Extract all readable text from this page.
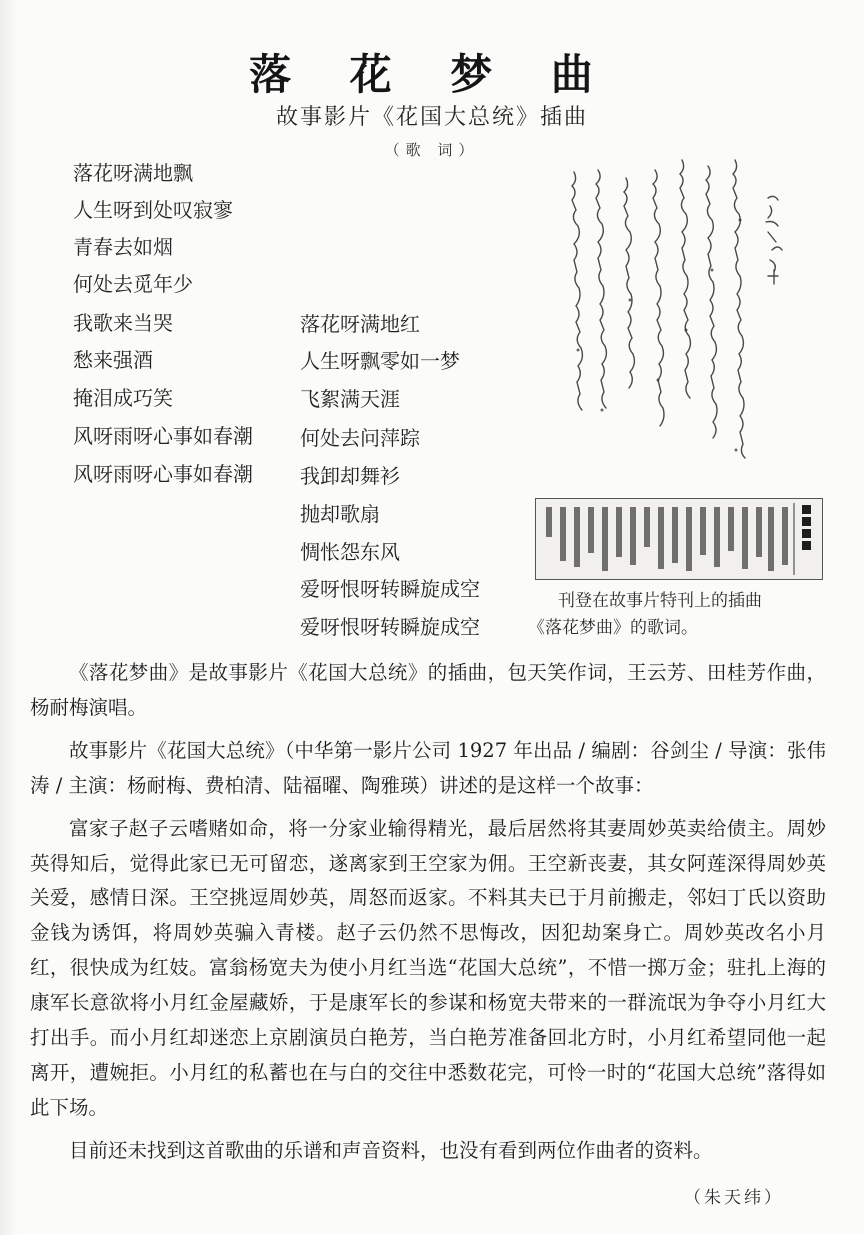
落 花 梦 曲
故事影片《花国大总统》插曲
（歌 词）
落花呀满地飘
人生呀到处叹寂寥
青春去如烟
何处去觅年少
我歌来当哭
愁来强酒
掩泪成巧笑
风呀雨呀心事如春潮
风呀雨呀心事如春潮
落花呀满地红
人生呀飘零如一梦
飞絮满天涯
何处去问萍踪
我卸却舞衫
抛却歌扇
惆怅怨东风
爱呀恨呀转瞬旋成空
爱呀恨呀转瞬旋成空
刊登在故事片特刊上的插曲
《落花梦曲》的歌词。

《落花梦曲》是故事影片《花国大总统》的插曲，包天笑作词，王云芳、田桂芳作曲，杨耐梅演唱。

故事影片《花国大总统》（中华第一影片公司 1927 年出品 / 编剧：谷剑尘 / 导演：张伟涛 / 主演：杨耐梅、费柏清、陆福曜、陶雅瑛）讲述的是这样一个故事：

富家子赵子云嗜赌如命，将一分家业输得精光，最后居然将其妻周妙英卖给债主。周妙英得知后，觉得此家已无可留恋，遂离家到王空家为佣。王空新丧妻，其女阿莲深得周妙英关爱，感情日深。王空挑逗周妙英，周怒而返家。不料其夫已于月前搬走，邻妇丁氏以资助金钱为诱饵，将周妙英骗入青楼。赵子云仍然不思悔改，因犯劫案身亡。周妙英改名小月红，很快成为红妓。富翁杨宽夫为使小月红当选“花国大总统”，不惜一掷万金；驻扎上海的康军长意欲将小月红金屋藏娇，于是康军长的参谋和杨宽夫带来的一群流氓为争夺小月红大打出手。而小月红却迷恋上京剧演员白艳芳，当白艳芳准备回北方时，小月红希望同他一起离开，遭婉拒。小月红的私蓄也在与白的交往中悉数花完，可怜一时的“花国大总统”落得如此下场。

目前还未找到这首歌曲的乐谱和声音资料，也没有看到两位作曲者的资料。

（朱天纬）
